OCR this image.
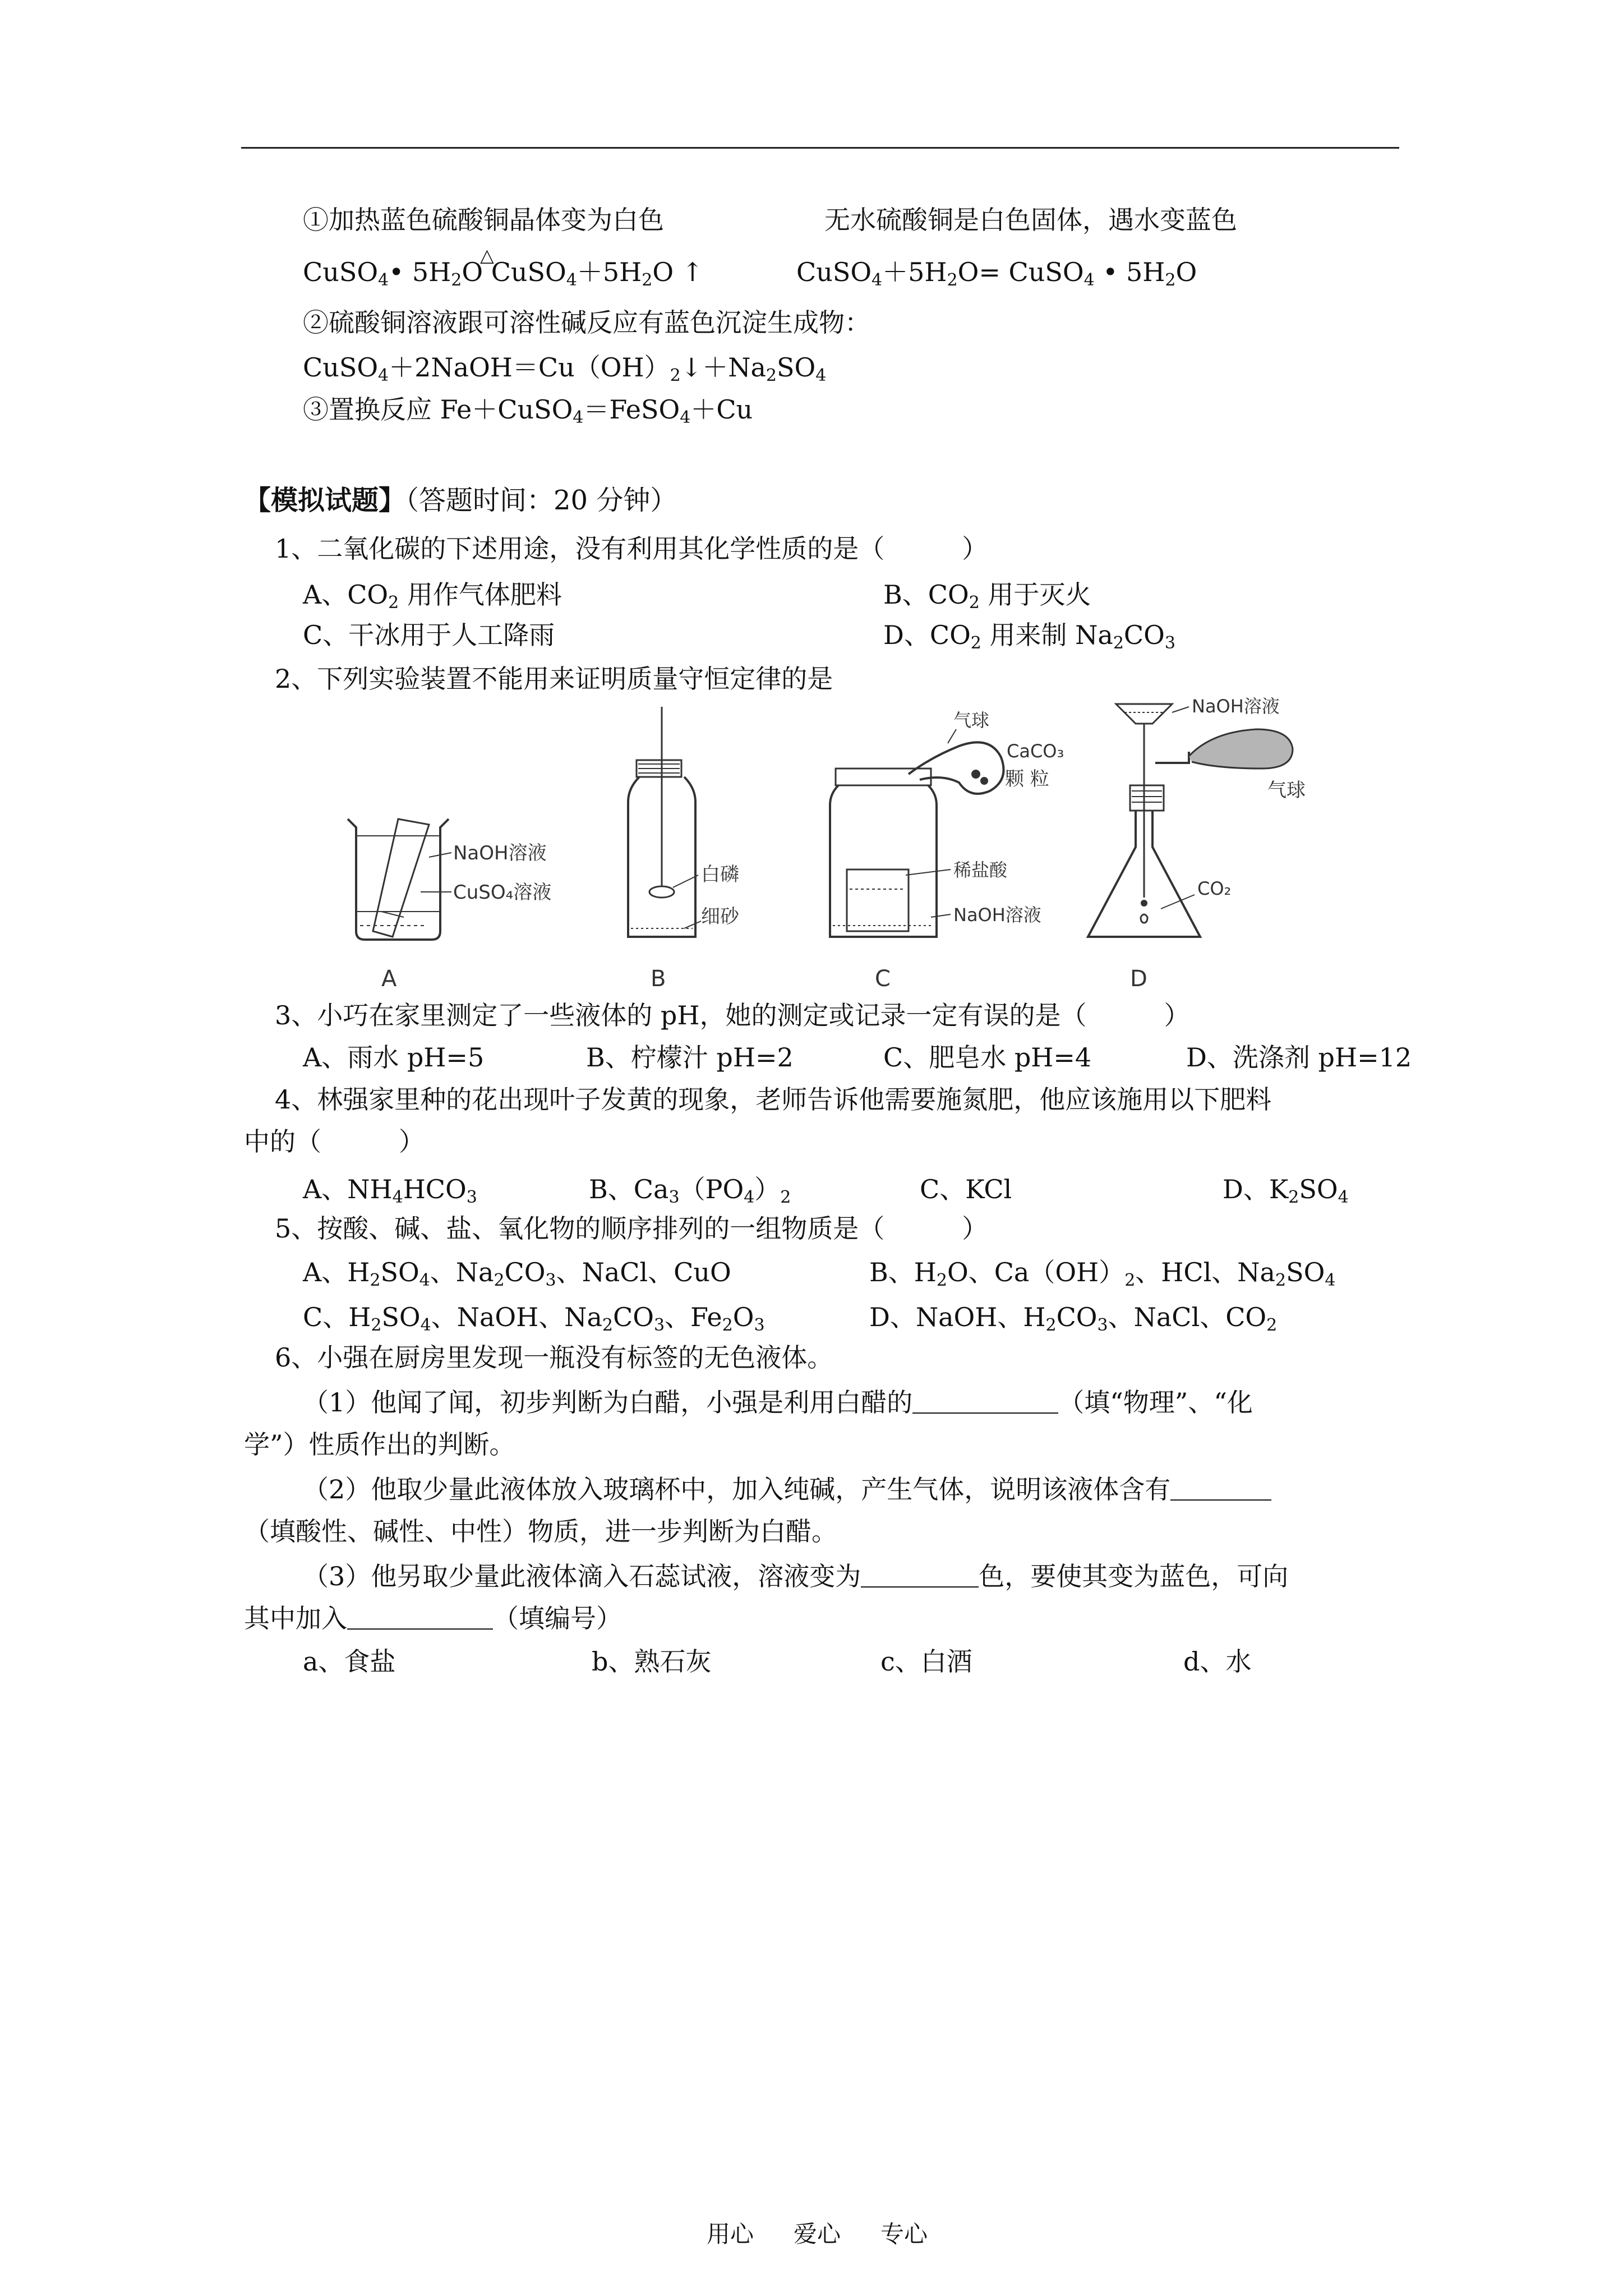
①加热蓝色硫酸铜晶体变为白色	无水硫酸铜是白色固体，遇水变蓝色
CuSO$_4$• $5H_2O$
△
$CuSO_4+5H_2O$ ↑	$CuSO_4+5H_2O=$ CuSO$_4$ • $5H_2O$
②硫酸铜溶液跟可溶性碱反应有蓝色沉淀生成物：
$CuSO_4+2NaOH=Cu(OH)_2↓+Na_2SO_4$
③置换反应 Fe＋CuSO$_4$＝FeSO$_4$＋Cu
【模拟试题】（答题时间：20 分钟）
1、二氧化碳的下述用途，没有利用其化学性质的是（　　　）
A、$CO_2$ 用作气体肥料	B、$CO_2$ 用于灭火
C、干冰用于人工降雨	D、$CO_2$ 用来制 $Na_2CO_3$
2、下列实验装置不能用来证明质量守恒定律的是
NaOH溶液
CuSO₄溶液
A
白磷
细砂
B
气球
CaCO₃
颗 粒
稀盐酸
NaOH溶液
C
NaOH溶液
气球
CO₂
D
3、小巧在家里测定了一些液体的 pH，她的测定或记录一定有误的是（　　　）
A、雨水 pH=5	B、柠檬汁 pH=2	C、肥皂水 pH=4	D、洗涤剂 pH=12
4、林强家里种的花出现叶子发黄的现象，老师告诉他需要施氮肥，他应该施用以下肥料
中的（　　　）
A、$NH_4HCO_3$	B、$Ca_3(PO_4)_2$	C、KCl	D、$K_2SO_4$
5、按酸、碱、盐、氧化物的顺序排列的一组物质是（　　　）
A、$H_2SO_4$、$Na_2CO_3$、NaCl、CuO	B、$H_2O$、$Ca(OH)_2$、HCl、$Na_2SO_4$
C、$H_2SO_4$、NaOH、$Na_2CO_3$、$Fe_2O_3$	D、NaOH、$H_2CO_3$、NaCl、$CO_2$
6、小强在厨房里发现一瓶没有标签的无色液体。
（1）他闻了闻，初步判断为白醋，小强是利用白醋的	（填“物理”、“化
学”）性质作出的判断。
（2）他取少量此液体放入玻璃杯中，加入纯碱，产生气体，说明该液体含有
（填酸性、碱性、中性）物质，进一步判断为白醋。
（3）他另取少量此液体滴入石蕊试液，溶液变为	色，要使其变为蓝色，可向
其中加入	（填编号）
a、食盐	b、熟石灰	c、白酒	d、水
用心 爱心 专心
